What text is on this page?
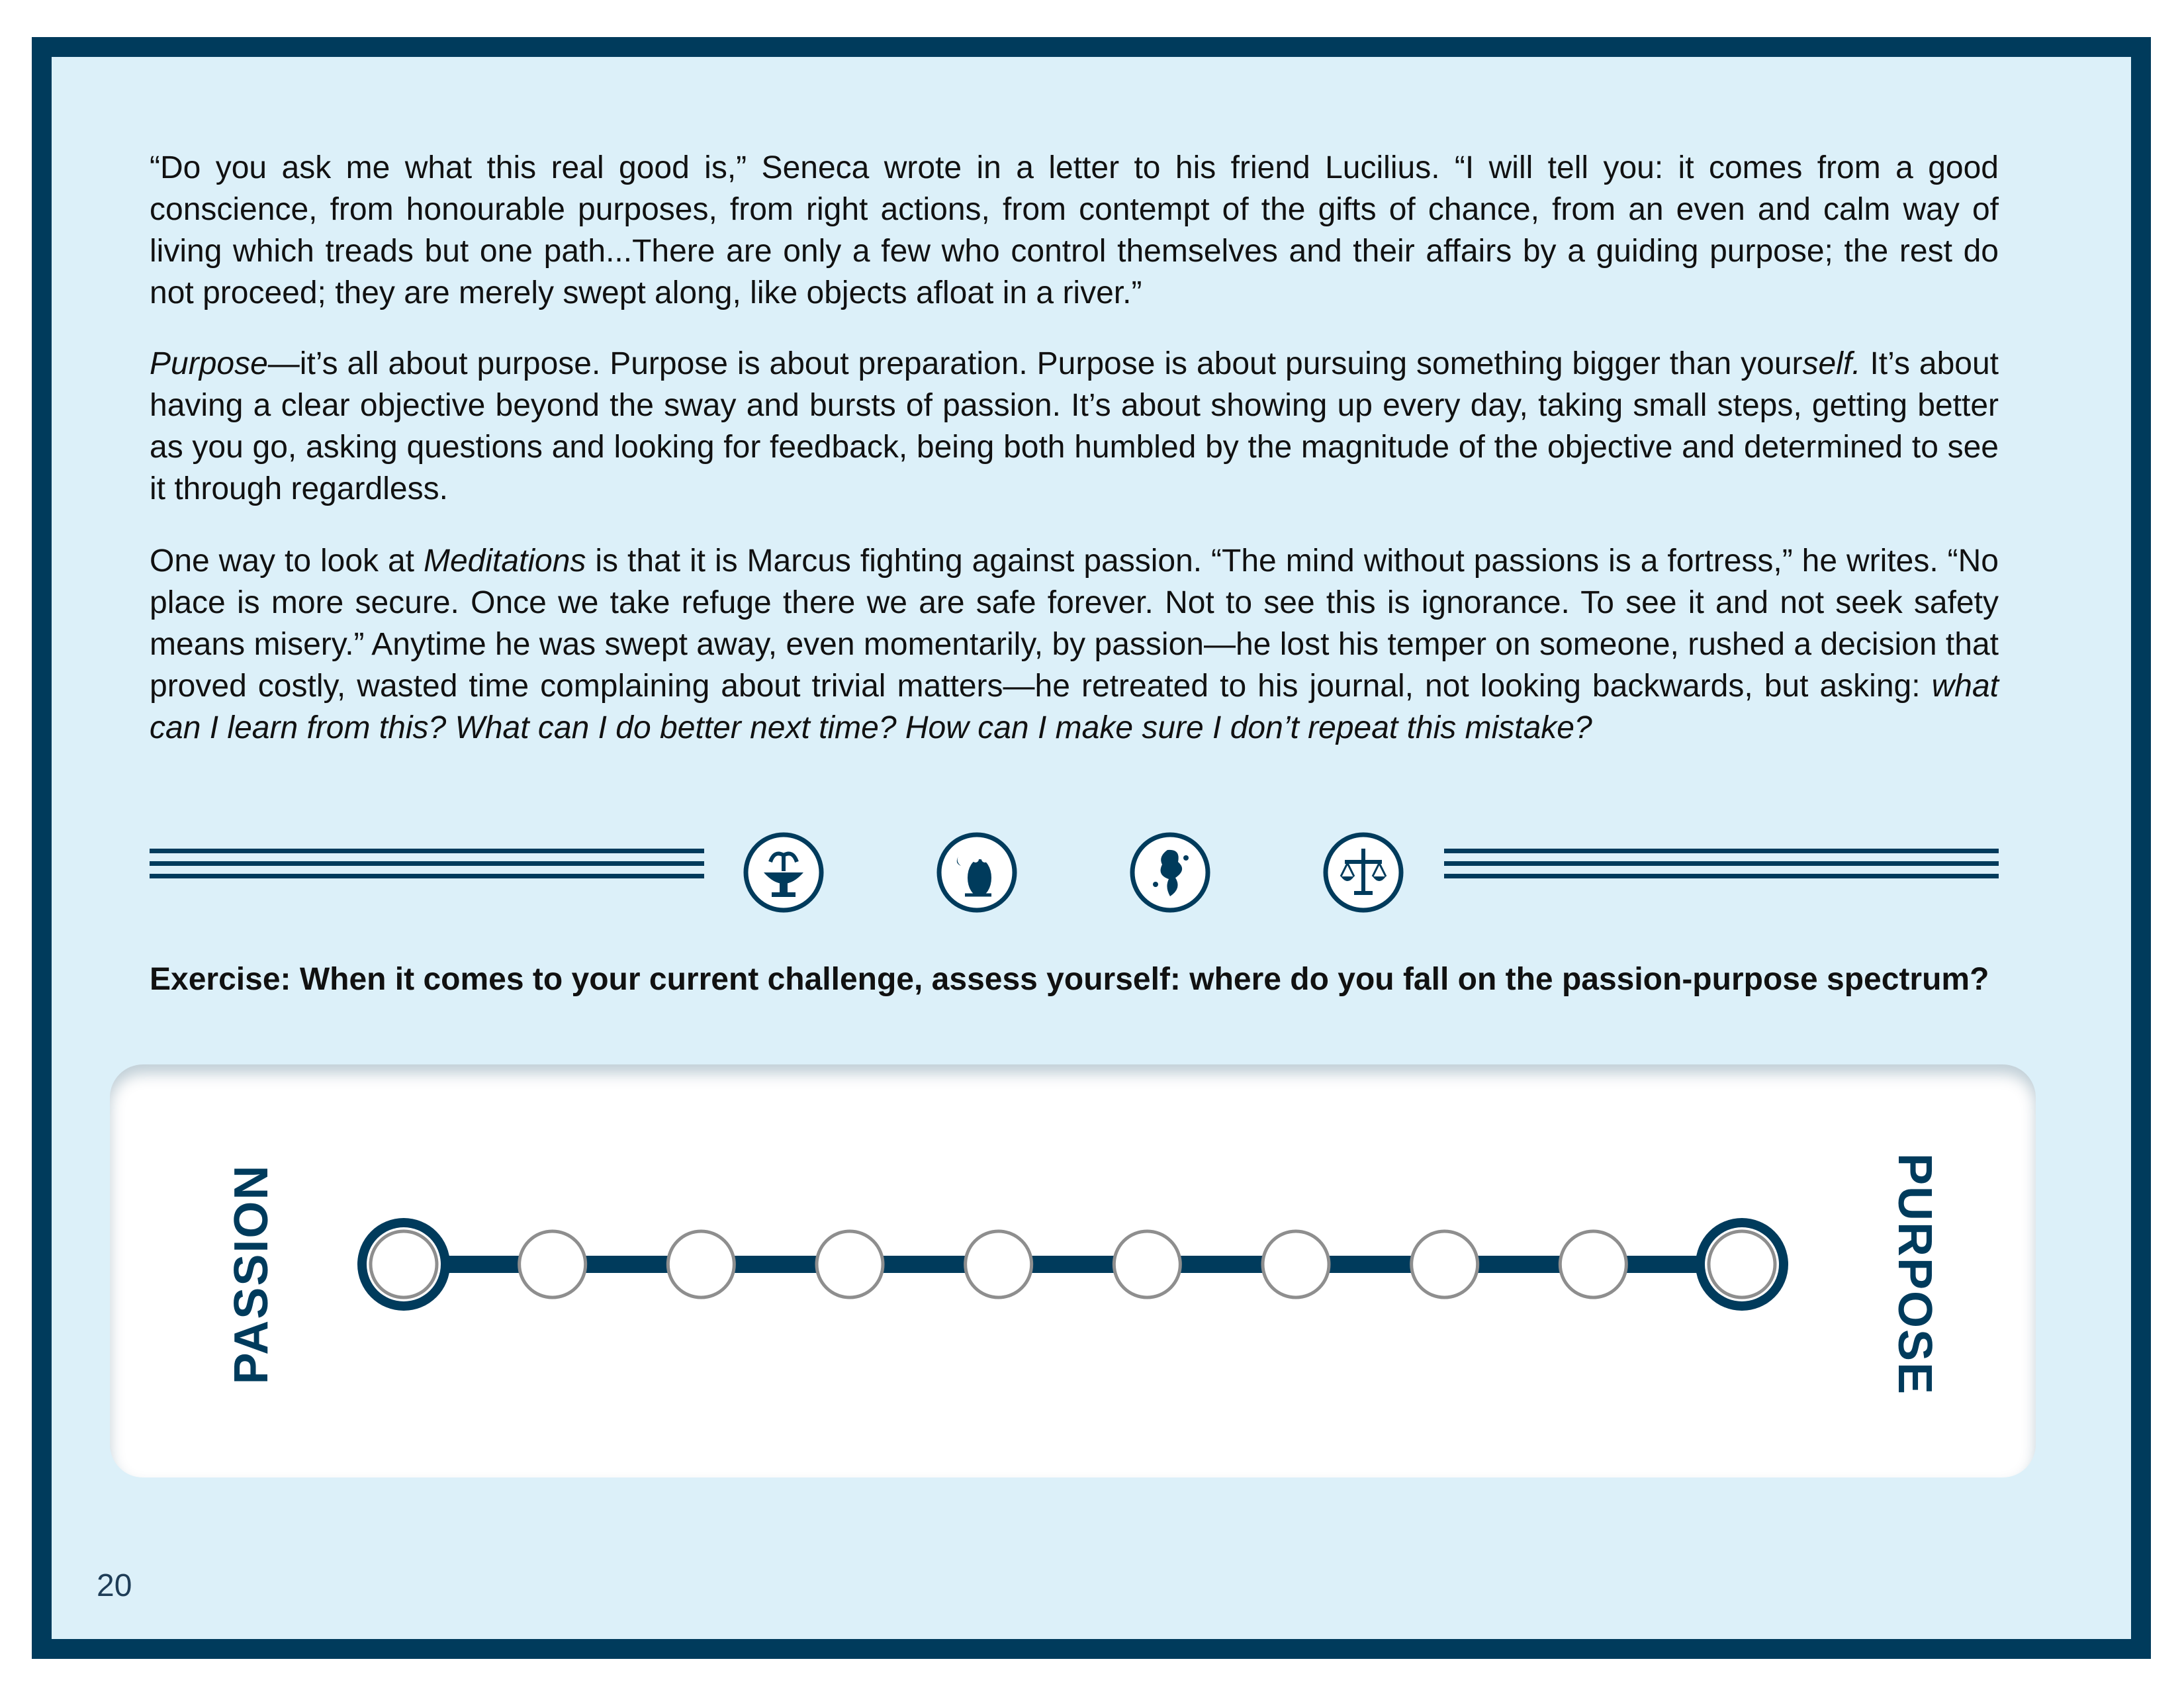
“Do you ask me what this real good is,” Seneca wrote in a letter to his friend Lucilius. “I will tell you: it comes from a good conscience, from honourable purposes, from right actions, from contempt of the gifts of chance, from an even and calm way of living which treads but one path...There are only a few who control themselves and their affairs by a guiding purpose; the rest do not proceed; they are merely swept along, like objects afloat in a river.”

Purpose—it’s all about purpose. Purpose is about preparation. Purpose is about pursuing something bigger than yourself. It’s about having a clear objective beyond the sway and bursts of passion. It’s about showing up every day, taking small steps, getting better as you go, asking questions and looking for feedback, being both humbled by the magnitude of the objective and determined to see it through regardless.

One way to look at Meditations is that it is Marcus fighting against passion. “The mind without passions is a fortress,” he writes. “No place is more secure. Once we take refuge there we are safe forever. Not to see this is ignorance. To see it and not seek safety means misery.” Anytime he was swept away, even momentarily, by passion—he lost his temper on someone, rushed a decision that proved costly, wasted time complaining about trivial matters—he retreated to his journal, not looking backwards, but asking: what can I learn from this? What can I do better next time? How can I make sure I don’t repeat this mistake?

Exercise: When it comes to your current challenge, assess yourself: where do you fall on the passion-purpose spectrum?
PASSION	PURPOSE
20
